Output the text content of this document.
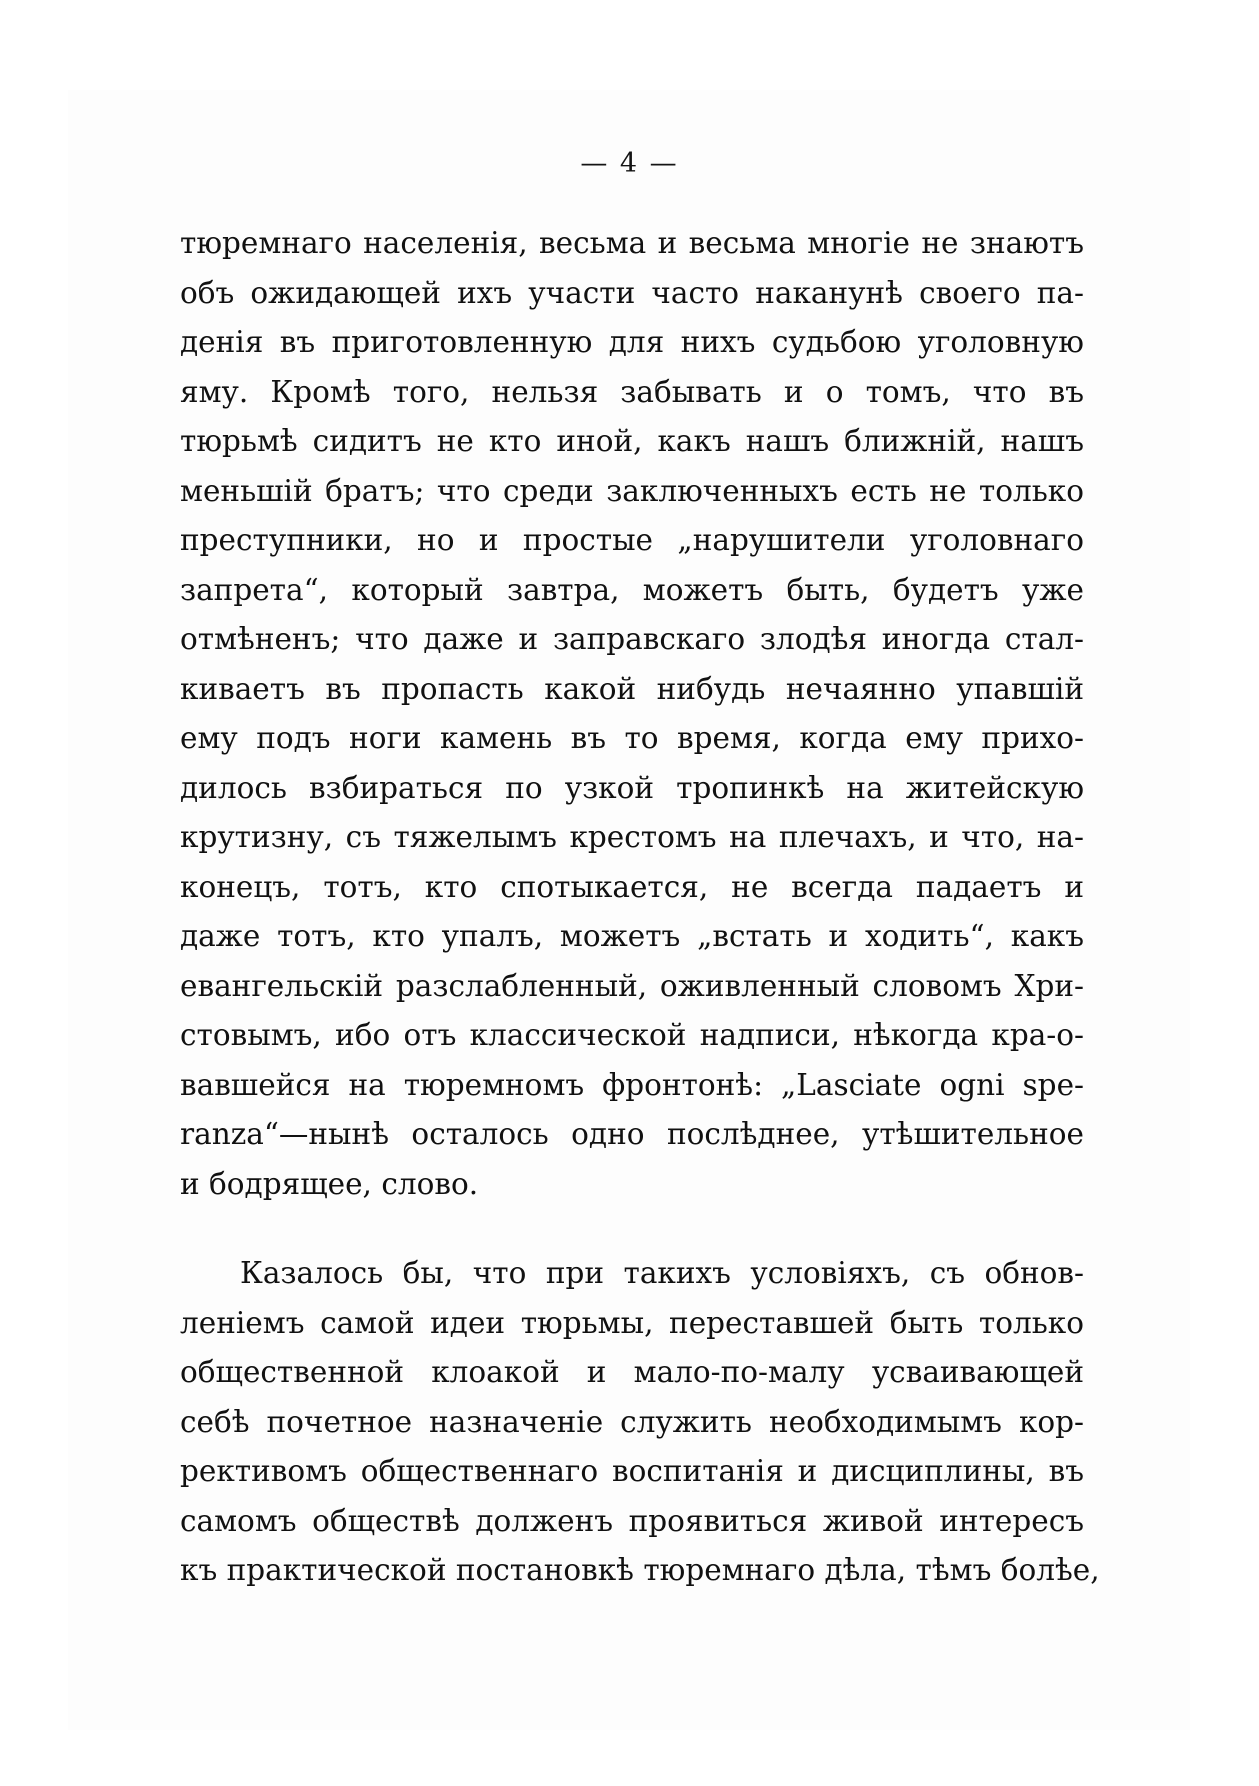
— 4 —
тюремнаго населенія, весьма и весьма многіе не знаютъ
объ ожидающей ихъ участи часто наканунѣ своего па-
денія въ приготовленную для нихъ судьбою уголовную
яму. Кромѣ того, нельзя забывать и о томъ, что въ
тюрьмѣ сидитъ не кто иной, какъ нашъ ближній, нашъ
меньшій братъ; что среди заключенныхъ есть не только
преступники, но и простые „нарушители уголовнаго
запрета“, который завтра, можетъ быть, будетъ уже
отмѣненъ; что даже и заправскаго злодѣя иногда стал-
киваетъ въ пропасть какой нибудь нечаянно упавшій
ему подъ ноги камень въ то время, когда ему прихо-
дилось взбираться по узкой тропинкѣ на житейскую
крутизну, съ тяжелымъ крестомъ на плечахъ, и что, на-
конецъ, тотъ, кто спотыкается, не всегда падаетъ и
даже тотъ, кто упалъ, можетъ „встать и ходить“, какъ
евангельскій разслабленный, оживленный словомъ Хри-
стовымъ, ибо отъ классической надписи, нѣкогда кра-о-
вавшейся на тюремномъ фронтонѣ: „Lasciate ogni spe-
ranza“—нынѣ осталось одно послѣднее, утѣшительное
и бодрящее, слово.
Казалось бы, что при такихъ условіяхъ, съ обнов-
леніемъ самой идеи тюрьмы, переставшей быть только
общественной клоакой и мало-по-малу усваивающей
себѣ почетное назначеніе служить необходимымъ кор-
рективомъ общественнаго воспитанія и дисциплины, въ
самомъ обществѣ долженъ проявиться живой интересъ
къ практической постановкѣ тюремнаго дѣла, тѣмъ болѣе,
